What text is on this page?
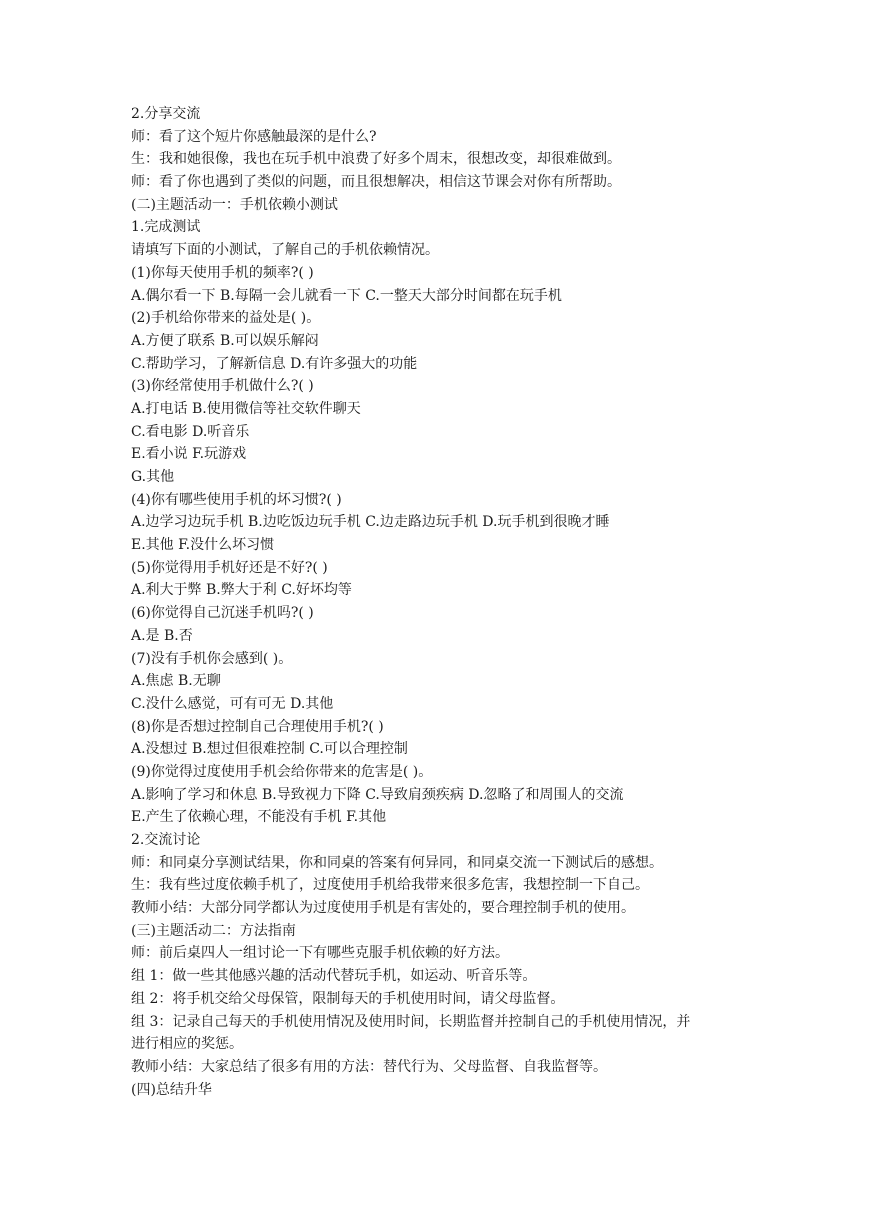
2.分享交流
师：看了这个短片你感触最深的是什么?
生：我和她很像，我也在玩手机中浪费了好多个周末，很想改变，却很难做到。
师：看了你也遇到了类似的问题，而且很想解决，相信这节课会对你有所帮助。
(二)主题活动一：手机依赖小测试
1.完成测试
请填写下面的小测试，了解自己的手机依赖情况。
(1)你每天使用手机的频率?( )
A.偶尔看一下 B.每隔一会儿就看一下 C.一整天大部分时间都在玩手机
(2)手机给你带来的益处是( )。
A.方便了联系 B.可以娱乐解闷
C.帮助学习，了解新信息 D.有许多强大的功能
(3)你经常使用手机做什么?( )
A.打电话 B.使用微信等社交软件聊天
C.看电影 D.听音乐
E.看小说 F.玩游戏
G.其他
(4)你有哪些使用手机的坏习惯?( )
A.边学习边玩手机 B.边吃饭边玩手机 C.边走路边玩手机 D.玩手机到很晚才睡
E.其他 F.没什么坏习惯
(5)你觉得用手机好还是不好?( )
A.利大于弊 B.弊大于利 C.好坏均等
(6)你觉得自己沉迷手机吗?( )
A.是 B.否
(7)没有手机你会感到( )。
A.焦虑 B.无聊
C.没什么感觉，可有可无 D.其他
(8)你是否想过控制自己合理使用手机?( )
A.没想过 B.想过但很难控制 C.可以合理控制
(9)你觉得过度使用手机会给你带来的危害是( )。
A.影响了学习和休息 B.导致视力下降 C.导致肩颈疾病 D.忽略了和周围人的交流
E.产生了依赖心理，不能没有手机 F.其他
2.交流讨论
师：和同桌分享测试结果，你和同桌的答案有何异同，和同桌交流一下测试后的感想。
生：我有些过度依赖手机了，过度使用手机给我带来很多危害，我想控制一下自己。
教师小结：大部分同学都认为过度使用手机是有害处的，要合理控制手机的使用。
(三)主题活动二：方法指南
师：前后桌四人一组讨论一下有哪些克服手机依赖的好方法。
组 1：做一些其他感兴趣的活动代替玩手机，如运动、听音乐等。
组 2：将手机交给父母保管，限制每天的手机使用时间，请父母监督。
组 3：记录自己每天的手机使用情况及使用时间，长期监督并控制自己的手机使用情况，并
进行相应的奖惩。
教师小结：大家总结了很多有用的方法：替代行为、父母监督、自我监督等。
(四)总结升华
